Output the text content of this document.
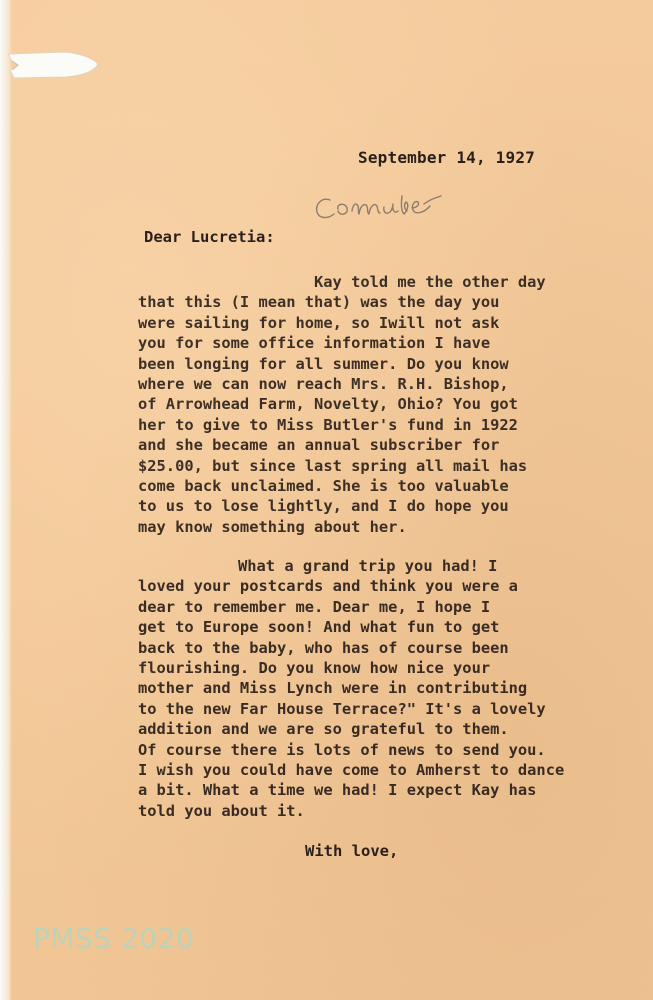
September 14, 1927
Dear Lucretia:

Kay told me the other day
that this (I mean that) was the day you
were sailing for home, so Iwill not ask
you for some office information I have
been longing for all summer. Do you know
where we can now reach Mrs. R.H. Bishop,
of Arrowhead Farm, Novelty, Ohio? You got
her to give to Miss Butler's fund in 1922
and she became an annual subscriber for
$25.00, but since last spring all mail has
come back unclaimed. She is too valuable
to us to lose lightly, and I do hope you
may know something about her.

What a grand trip you had! I
loved your postcards and think you were a
dear to remember me. Dear me, I hope I
get to Europe soon! And what fun to get
back to the baby, who has of course been
flourishing. Do you know how nice your
mother and Miss Lynch were in contributing
to the new Far House Terrace?" It's a lovely
addition and we are so grateful to them.
Of course there is lots of news to send you.
I wish you could have come to Amherst to dance
a bit. What a time we had! I expect Kay has
told you about it.

With love,
PMSS 2020
